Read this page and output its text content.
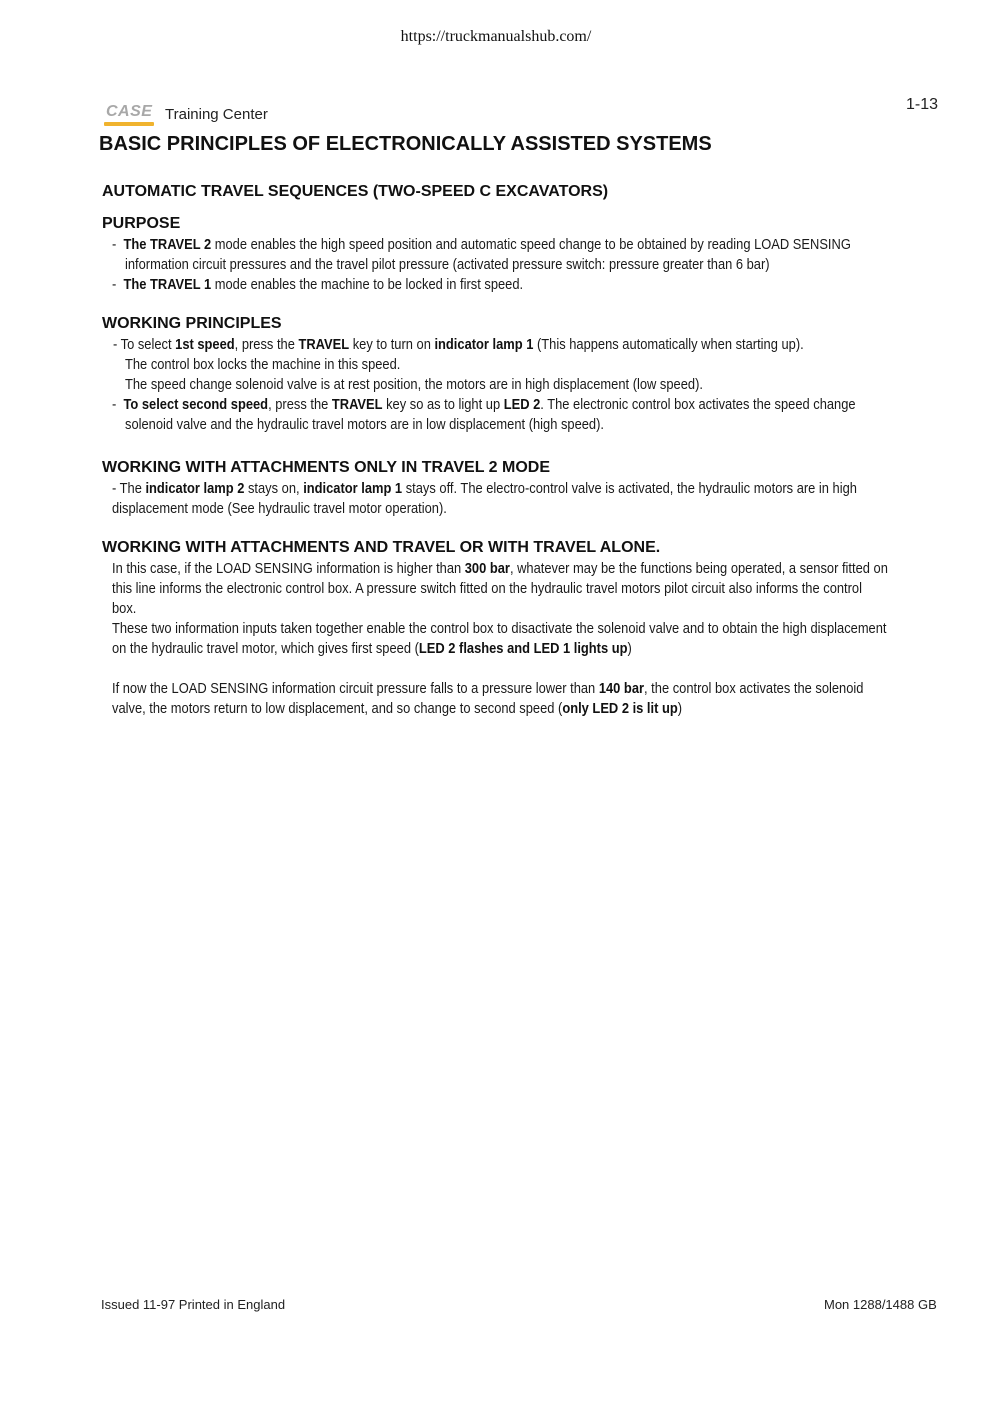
https://truckmanualshub.com/
CASE Training Center
1-13
BASIC PRINCIPLES OF ELECTRONICALLY ASSISTED SYSTEMS
AUTOMATIC TRAVEL SEQUENCES (TWO-SPEED C EXCAVATORS)
PURPOSE
- The TRAVEL 2 mode enables the high speed position and automatic speed change to be obtained by reading LOAD SENSING
information circuit pressures and the travel pilot pressure (activated pressure switch: pressure greater than 6 bar)
- The TRAVEL 1 mode enables the machine to be locked in first speed.
WORKING PRINCIPLES
- To select 1st speed, press the TRAVEL key to turn on indicator lamp 1 (This happens automatically when starting up).
The control box locks the machine in this speed.
The speed change solenoid valve is at rest position, the motors are in high displacement (low speed).
- To select second speed, press the TRAVEL key so as to light up LED 2. The electronic control box activates the speed change
solenoid valve and the hydraulic travel motors are in low displacement (high speed).
WORKING WITH ATTACHMENTS ONLY IN TRAVEL 2 MODE
- The indicator lamp 2 stays on, indicator lamp 1 stays off. The electro-control valve is activated, the hydraulic motors are in high
displacement mode (See hydraulic travel motor operation).
WORKING WITH ATTACHMENTS AND TRAVEL OR WITH TRAVEL ALONE.
In this case, if the LOAD SENSING information is higher than 300 bar, whatever may be the functions being operated, a sensor fitted on
this line informs the electronic control box. A pressure switch fitted on the hydraulic travel motors pilot circuit also informs the control
box.
These two information inputs taken together enable the control box to disactivate the solenoid valve and to obtain the high displacement
on the hydraulic travel motor, which gives first speed (LED 2 flashes and LED 1 lights up)
If now the LOAD SENSING information circuit pressure falls to a pressure lower than 140 bar, the control box activates the solenoid
valve, the motors return to low displacement, and so change to second speed (only LED 2 is lit up)
Issued 11-97 Printed in England	Mon 1288/1488 GB
